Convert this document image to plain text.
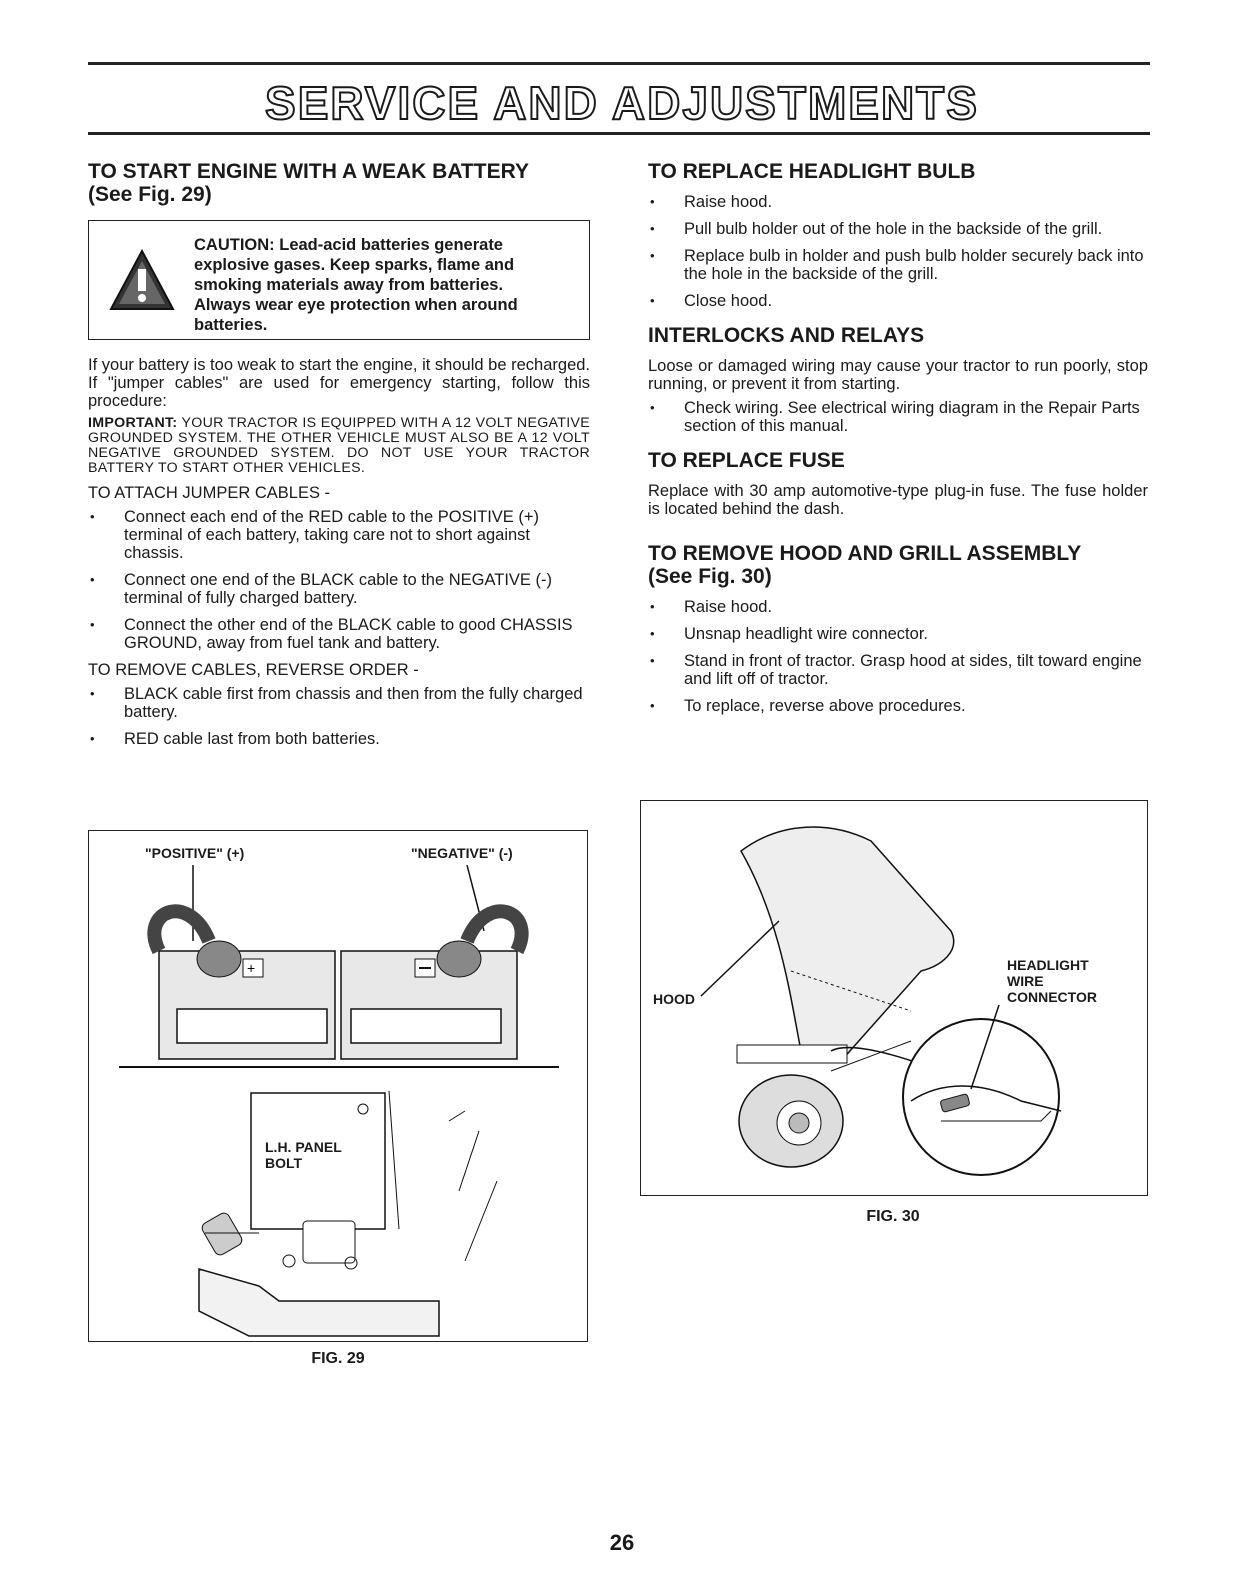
SERVICE AND ADJUSTMENTS
TO START ENGINE WITH A WEAK BATTERY
(See Fig. 29)
CAUTION: Lead-acid batteries generate explosive gases. Keep sparks, flame and smoking materials away from batteries. Always wear eye protection when around batteries.

If your battery is too weak to start the engine, it should be recharged. If "jumper cables" are used for emergency starting, follow this procedure:

IMPORTANT: YOUR TRACTOR IS EQUIPPED WITH A 12 VOLT NEGATIVE GROUNDED SYSTEM. THE OTHER VEHICLE MUST ALSO BE A 12 VOLT NEGATIVE GROUNDED SYSTEM. DO NOT USE YOUR TRACTOR BATTERY TO START OTHER VEHICLES.

TO ATTACH JUMPER CABLES -

• Connect each end of the RED cable to the POSITIVE (+) terminal of each battery, taking care not to short against chassis.
• Connect one end of the BLACK cable to the NEGATIVE (-) terminal of fully charged battery.
• Connect the other end of the BLACK cable to good CHASSIS GROUND, away from fuel tank and battery.

TO REMOVE CABLES, REVERSE ORDER -

• BLACK cable first from chassis and then from the fully charged battery.
• RED cable last from both batteries.
"POSITIVE" (+)	"NEGATIVE" (-)
+
L.H. PANEL
BOLT
FIG. 29
TO REPLACE HEADLIGHT BULB
• Raise hood.
• Pull bulb holder out of the hole in the backside of the grill.
• Replace bulb in holder and push bulb holder securely back into the hole in the backside of the grill.
• Close hood.
INTERLOCKS AND RELAYS

Loose or damaged wiring may cause your tractor to run poorly, stop running, or prevent it from starting.

• Check wiring. See electrical wiring diagram in the Repair Parts section of this manual.
TO REPLACE FUSE

Replace with 30 amp automotive-type plug-in fuse. The fuse holder is located behind the dash.

TO REMOVE HOOD AND GRILL ASSEMBLY
(See Fig. 30)
• Raise hood.
• Unsnap headlight wire connector.
• Stand in front of tractor. Grasp hood at sides, tilt toward engine and lift off of tractor.
• To replace, reverse above procedures.
HOOD
HEADLIGHT
WIRE
CONNECTOR
FIG. 30
26
